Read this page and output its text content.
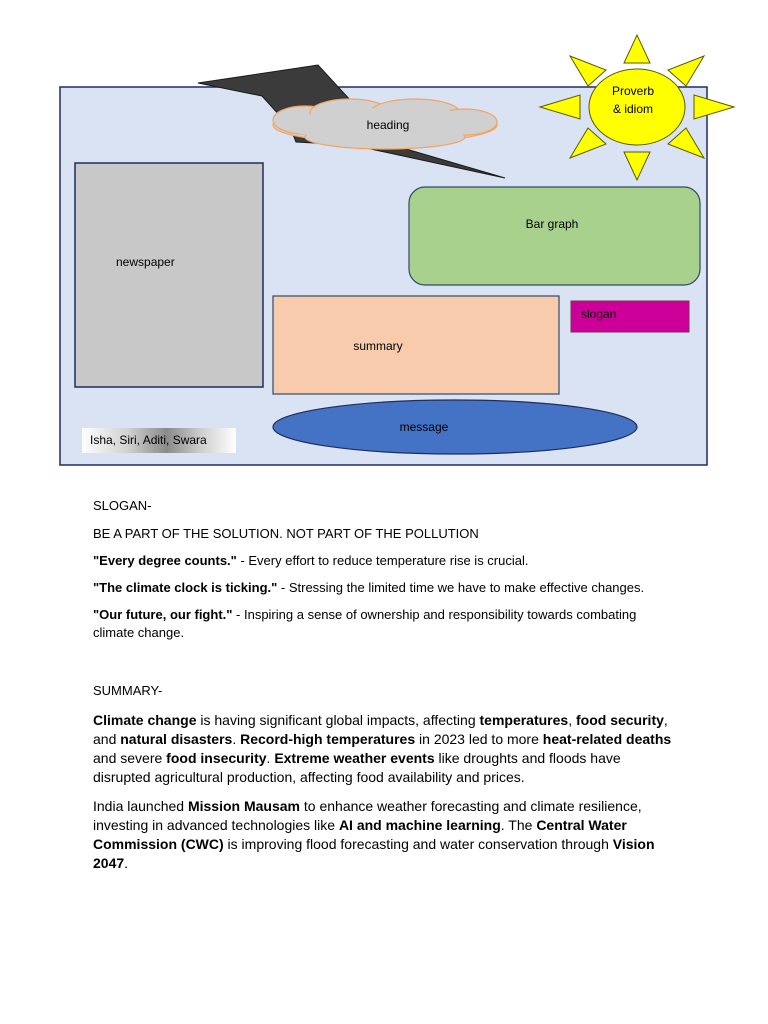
heading
Proverb
& idiom
newspaper
Bar graph
summary
slogan
message
Isha, Siri, Aditi, Swara

SLOGAN-

BE A PART OF THE SOLUTION. NOT PART OF THE POLLUTION

"Every degree counts." - Every effort to reduce temperature rise is crucial.

"The climate clock is ticking." - Stressing the limited time we have to make effective changes.

"Our future, our fight." - Inspiring a sense of ownership and responsibility towards combating climate change.

SUMMARY-

Climate change is having significant global impacts, affecting temperatures, food security, and natural disasters. Record-high temperatures in 2023 led to more heat-related deaths and severe food insecurity. Extreme weather events like droughts and floods have disrupted agricultural production, affecting food availability and prices.

India launched Mission Mausam to enhance weather forecasting and climate resilience, investing in advanced technologies like AI and machine learning. The Central Water Commission (CWC) is improving flood forecasting and water conservation through Vision 2047.
